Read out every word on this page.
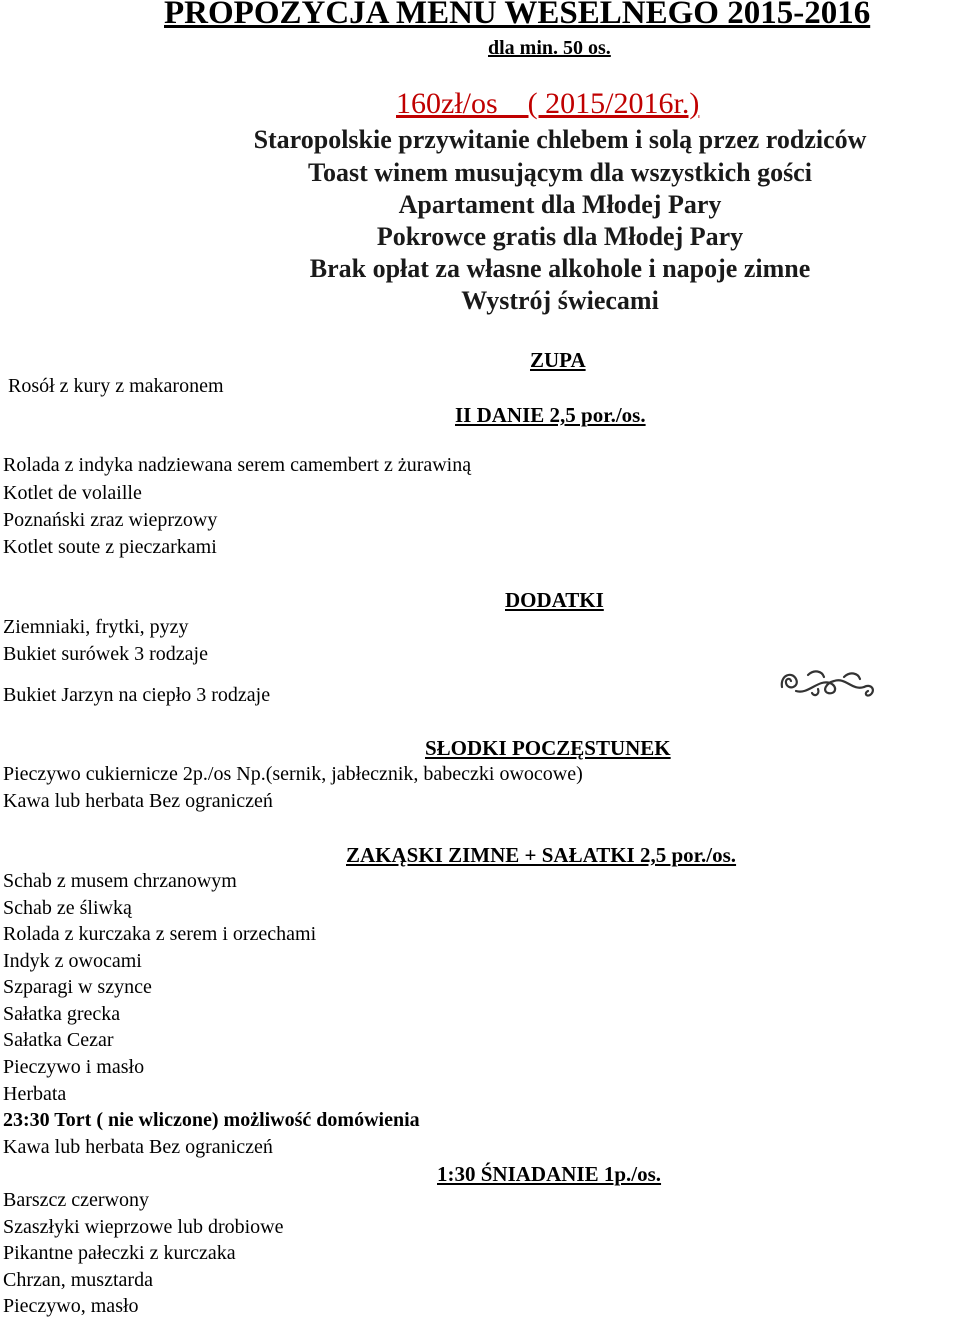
PROPOZYCJA MENU WESELNEGO 2015-2016
dla min. 50 os.
160zł/os    ( 2015/2016r.)
Staropolskie przywitanie chlebem i solą przez rodziców
Toast winem musującym dla wszystkich gości
Apartament dla Młodej Pary
Pokrowce gratis dla Młodej Pary
Brak opłat za własne alkohole i napoje zimne
Wystrój świecami
ZUPA
Rosół z kury z makaronem
II DANIE 2,5 por./os.
Rolada z indyka nadziewana serem camembert z żurawiną
Kotlet de volaille
Poznański zraz wieprzowy
Kotlet soute z pieczarkami
DODATKI
Ziemniaki, frytki, pyzy
Bukiet surówek 3 rodzaje
Bukiet Jarzyn na ciepło 3 rodzaje
SŁODKI POCZĘSTUNEK
Pieczywo cukiernicze 2p./os Np.(sernik, jabłecznik, babeczki owocowe)
Kawa lub herbata Bez ograniczeń
ZAKĄSKI ZIMNE + SAŁATKI 2,5 por./os.
Schab z musem chrzanowym
Schab ze śliwką
Rolada z kurczaka z serem i orzechami
Indyk z owocami
Szparagi w szynce
Sałatka grecka
Sałatka Cezar
Pieczywo i masło
Herbata
23:30 Tort ( nie wliczone) możliwość domówienia
Kawa lub herbata Bez ograniczeń
1:30 ŚNIADANIE 1p./os.
Barszcz czerwony
Szaszłyki wieprzowe lub drobiowe
Pikantne pałeczki z kurczaka
Chrzan, musztarda
Pieczywo, masło
